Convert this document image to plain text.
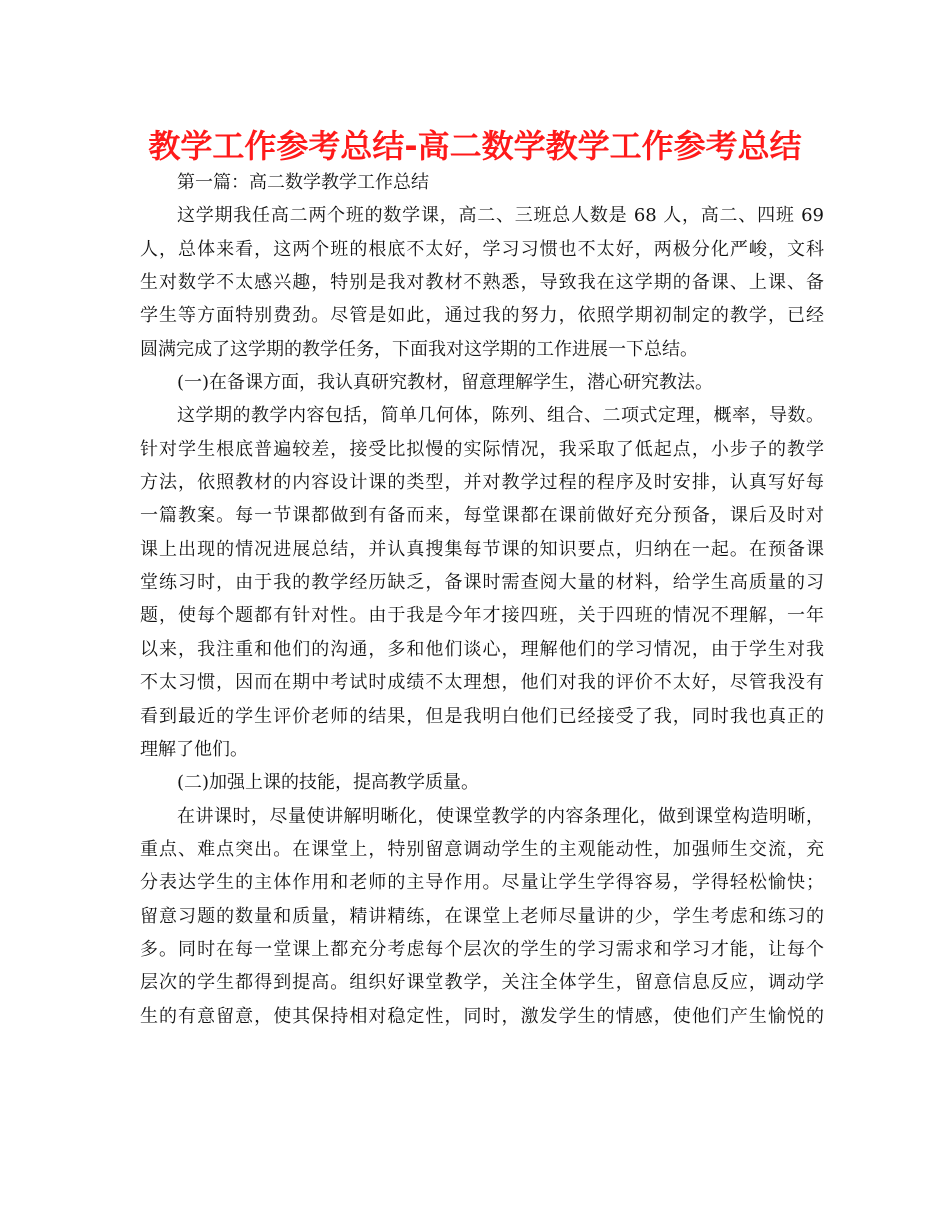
教学工作参考总结-高二数学教学工作参考总结
第一篇：高二数学教学工作总结
这学期我任高二两个班的数学课，高二、三班总人数是 68 人，高二、四班 69
人，总体来看，这两个班的根底不太好，学习习惯也不太好，两极分化严峻，文科
生对数学不太感兴趣，特别是我对教材不熟悉，导致我在这学期的备课、上课、备
学生等方面特别费劲。尽管是如此，通过我的努力，依照学期初制定的教学，已经
圆满完成了这学期的教学任务，下面我对这学期的工作进展一下总结。
(一)在备课方面，我认真研究教材，留意理解学生，潜心研究教法。
这学期的教学内容包括，简单几何体，陈列、组合、二项式定理，概率，导数。
针对学生根底普遍较差，接受比拟慢的实际情况，我采取了低起点，小步子的教学
方法，依照教材的内容设计课的类型，并对教学过程的程序及时安排，认真写好每
一篇教案。每一节课都做到有备而来，每堂课都在课前做好充分预备，课后及时对
课上出现的情况进展总结，并认真搜集每节课的知识要点，归纳在一起。在预备课
堂练习时，由于我的教学经历缺乏，备课时需查阅大量的材料，给学生高质量的习
题，使每个题都有针对性。由于我是今年才接四班，关于四班的情况不理解，一年
以来，我注重和他们的沟通，多和他们谈心，理解他们的学习情况，由于学生对我
不太习惯，因而在期中考试时成绩不太理想，他们对我的评价不太好，尽管我没有
看到最近的学生评价老师的结果，但是我明白他们已经接受了我，同时我也真正的
理解了他们。
(二)加强上课的技能，提高教学质量。
在讲课时，尽量使讲解明晰化，使课堂教学的内容条理化，做到课堂构造明晰，
重点、难点突出。在课堂上，特别留意调动学生的主观能动性，加强师生交流，充
分表达学生的主体作用和老师的主导作用。尽量让学生学得容易，学得轻松愉快；
留意习题的数量和质量，精讲精练，在课堂上老师尽量讲的少，学生考虑和练习的
多。同时在每一堂课上都充分考虑每个层次的学生的学习需求和学习才能，让每个
层次的学生都得到提高。组织好课堂教学，关注全体学生，留意信息反应，调动学
生的有意留意，使其保持相对稳定性，同时，激发学生的情感，使他们产生愉悦的
